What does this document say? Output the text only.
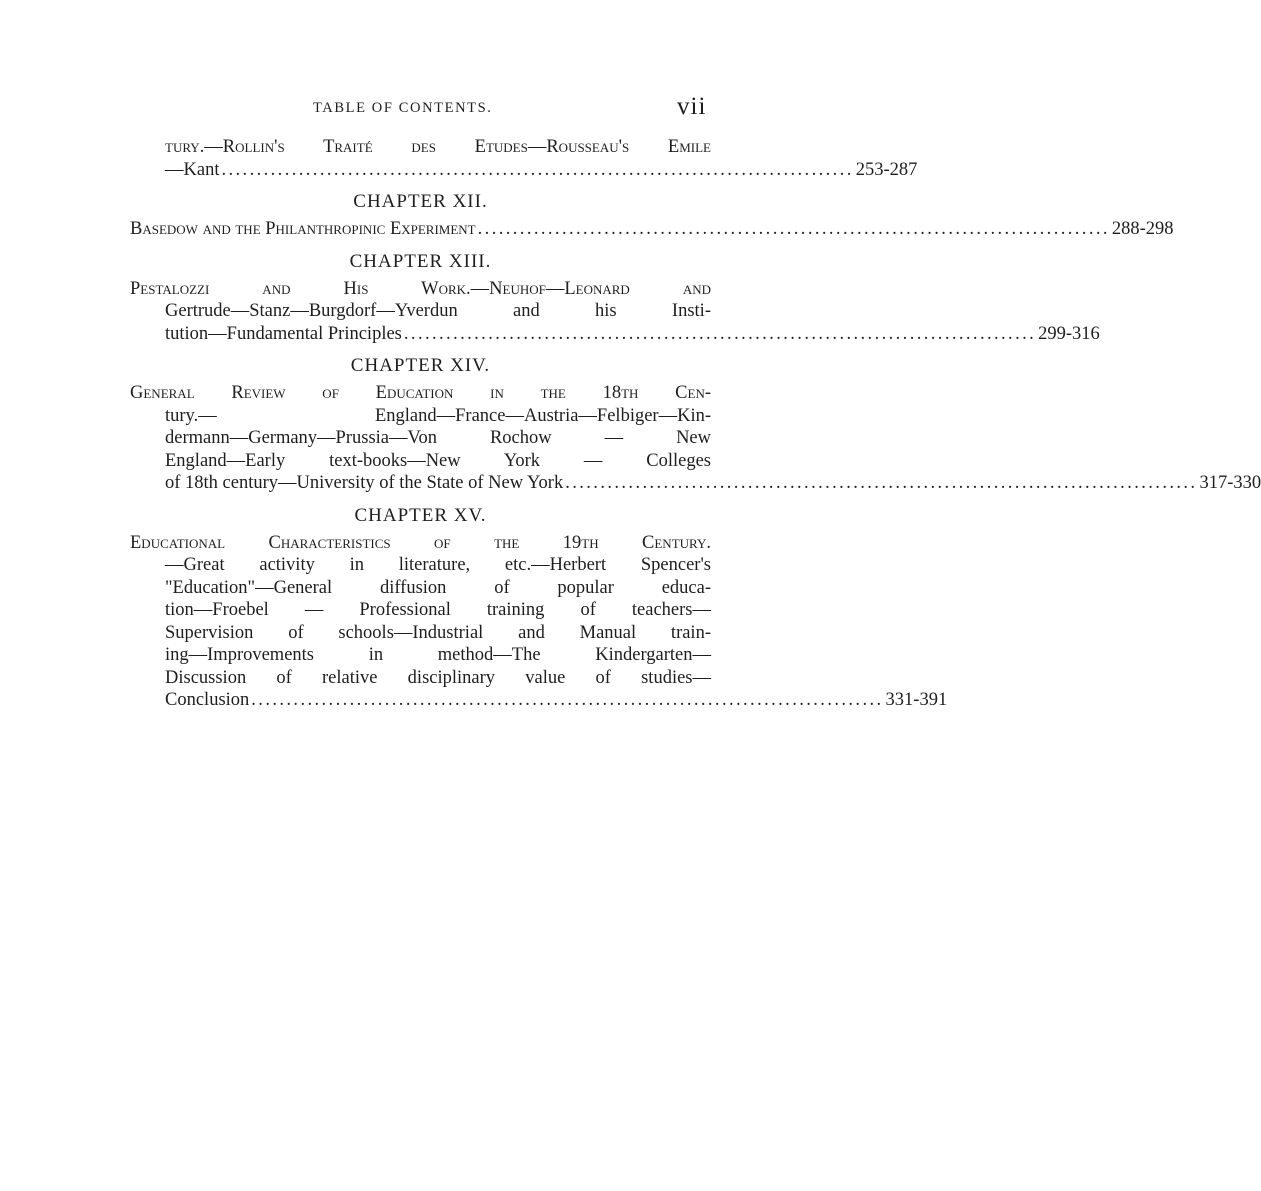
TABLE OF CONTENTS.	vii
tury.—Rollin's Traité des Etudes—Rousseau's Emile
—Kant .......................................................................................... 253-287
CHAPTER XII.
Basedow and the Philanthropinic Experiment .......................................................................................... 288-298
CHAPTER XIII.
Pestalozzi and His Work.—Neuhof—Leonard and
Gertrude—Stanz—Burgdorf—Yverdun and his Insti-
tution—Fundamental Principles .......................................................................................... 299-316
CHAPTER XIV.
General Review of Education in the 18th Cen-
tury.— England—France—Austria—Felbiger—Kin-
dermann—Germany—Prussia—Von Rochow — New
England—Early text-books—New York — Colleges
of 18th century—University of the State of New York .......................................................................................... 317-330
CHAPTER XV.
Educational Characteristics of the 19th Century.
—Great activity in literature, etc.—Herbert Spencer's
"Education"—General diffusion of popular educa-
tion—Froebel — Professional training of teachers—
Supervision of schools—Industrial and Manual train-
ing—Improvements in method—The Kindergarten—
Discussion of relative disciplinary value of studies—
Conclusion .......................................................................................... 331-391
